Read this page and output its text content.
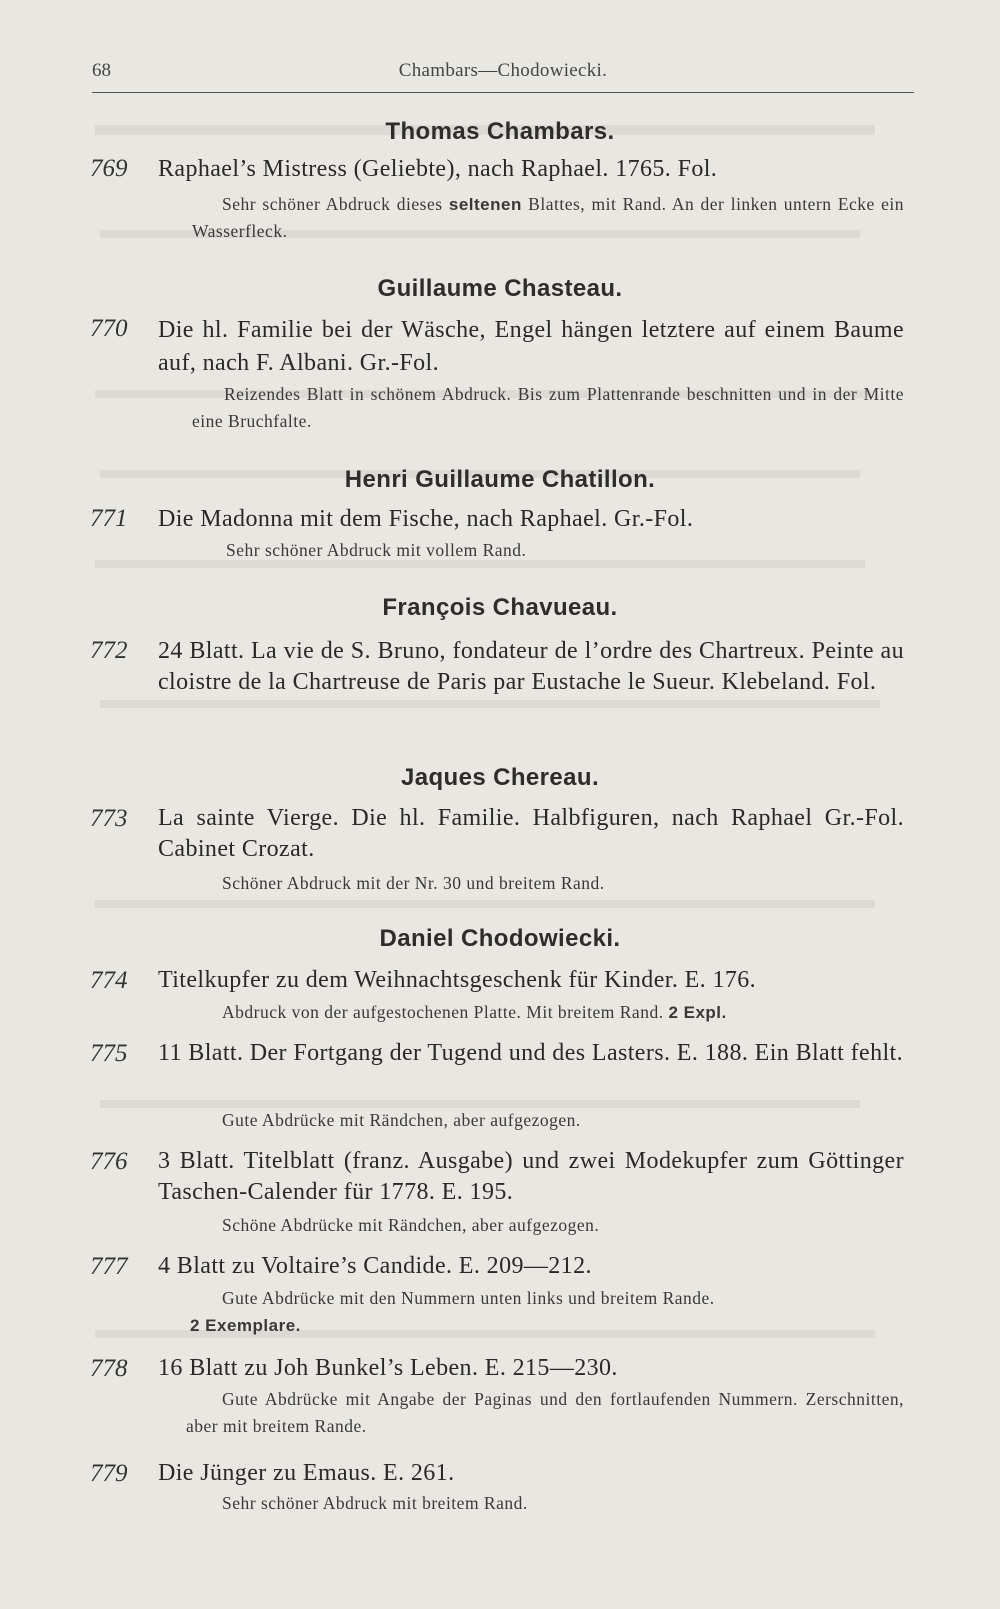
68	Chambars—Chodowiecki.
Thomas Chambars.
769 Raphael’s Mistress (Geliebte), nach Raphael. 1765. Fol.
Sehr schöner Abdruck dieses seltenen Blattes, mit Rand. An der linken untern Ecke ein Wasserfleck.
Guillaume Chasteau.
770 Die hl. Familie bei der Wäsche, Engel hängen letztere auf einem Baume auf, nach F. Albani. Gr.-Fol.
Reizendes Blatt in schönem Abdruck. Bis zum Plattenrande beschnitten und in der Mitte eine Bruchfalte.
Henri Guillaume Chatillon.
771 Die Madonna mit dem Fische, nach Raphael. Gr.-Fol.
Sehr schöner Abdruck mit vollem Rand.
François Chavueau.
772 24 Blatt. La vie de S. Bruno, fondateur de l’ordre des Chartreux. Peinte au cloistre de la Chartreuse de Paris par Eustache le Sueur. Klebeland. Fol.
Jaques Chereau.
773 La sainte Vierge. Die hl. Familie. Halbfiguren, nach Raphael Gr.-Fol. Cabinet Crozat.
Schöner Abdruck mit der Nr. 30 und breitem Rand.
Daniel Chodowiecki.
774 Titelkupfer zu dem Weihnachtsgeschenk für Kinder. E. 176.
Abdruck von der aufgestochenen Platte. Mit breitem Rand. 2 Expl.
775 11 Blatt. Der Fortgang der Tugend und des Lasters. E. 188. Ein Blatt fehlt.
Gute Abdrücke mit Rändchen, aber aufgezogen.
776 3 Blatt. Titelblatt (franz. Ausgabe) und zwei Modekupfer zum Göttinger Taschen-Calender für 1778. E. 195.
Schöne Abdrücke mit Rändchen, aber aufgezogen.
777 4 Blatt zu Voltaire’s Candide. E. 209—212.
Gute Abdrücke mit den Nummern unten links und breitem Rande.
2 Exemplare.
778 16 Blatt zu Joh Bunkel’s Leben. E. 215—230.
Gute Abdrücke mit Angabe der Paginas und den fortlaufenden Nummern. Zerschnitten, aber mit breitem Rande.
779 Die Jünger zu Emaus. E. 261.
Sehr schöner Abdruck mit breitem Rand.
